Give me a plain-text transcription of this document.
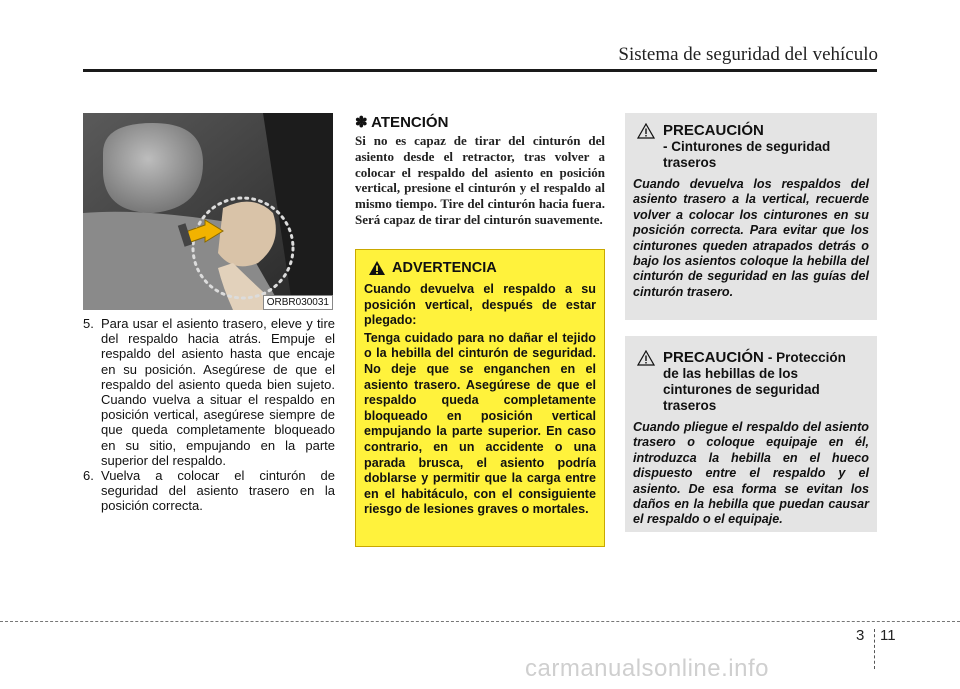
Sistema de seguridad del vehículo
ORBR030031
5. Para usar el asiento trasero, eleve y tire del respaldo hacia atrás. Empuje el respaldo del asiento hasta que encaje en su posición. Asegúrese de que el respaldo del asiento queda bien sujeto. Cuando vuelva a situar el respaldo en posición vertical, asegúrese siempre de que queda completamente bloqueado en su sitio, empujando en la parte superior del respaldo.
6. Vuelva a colocar el cinturón de seguridad del asiento trasero en la posición correcta.
✽ ATENCIÓN
Si no es capaz de tirar del cinturón del asiento desde el retractor, tras volver a colocar el respaldo del asiento en posición vertical, presione el cinturón y el respaldo al mismo tiempo. Tire del cinturón hacia fuera. Será capaz de tirar del cinturón suavemente.
ADVERTENCIA

Cuando devuelva el respaldo a su posición vertical, después de estar plegado:

Tenga cuidado para no dañar el tejido o la hebilla del cinturón de seguridad. No deje que se enganchen en el asiento trasero. Asegúrese de que el respaldo queda completamente bloqueado en posición vertical empujando la parte superior. En caso contrario, en un accidente o una parada brusca, el asiento podría doblarse y permitir que la carga entre en el habitáculo, con el consiguiente riesgo de lesiones graves o mortales.

PRECAUCIÓN
- Cinturones de seguridad traseros
Cuando devuelva los respaldos del asiento trasero a la vertical, recuerde volver a colocar los cinturones en su posición correcta. Para evitar que los cinturones queden atrapados detrás o bajo los asientos coloque la hebilla del cinturón de seguridad en las guías del cinturón trasero.
PRECAUCIÓN - Protección
de las hebillas de los cinturones de seguridad traseros
Cuando pliegue el respaldo del asiento trasero o coloque equipaje en él, introduzca la hebilla en el hueco dispuesto entre el respaldo y el asiento. De esa forma se evitan los daños en la hebilla que puedan causar el respaldo o el equipaje.
3 11
carmanualsonline.info
